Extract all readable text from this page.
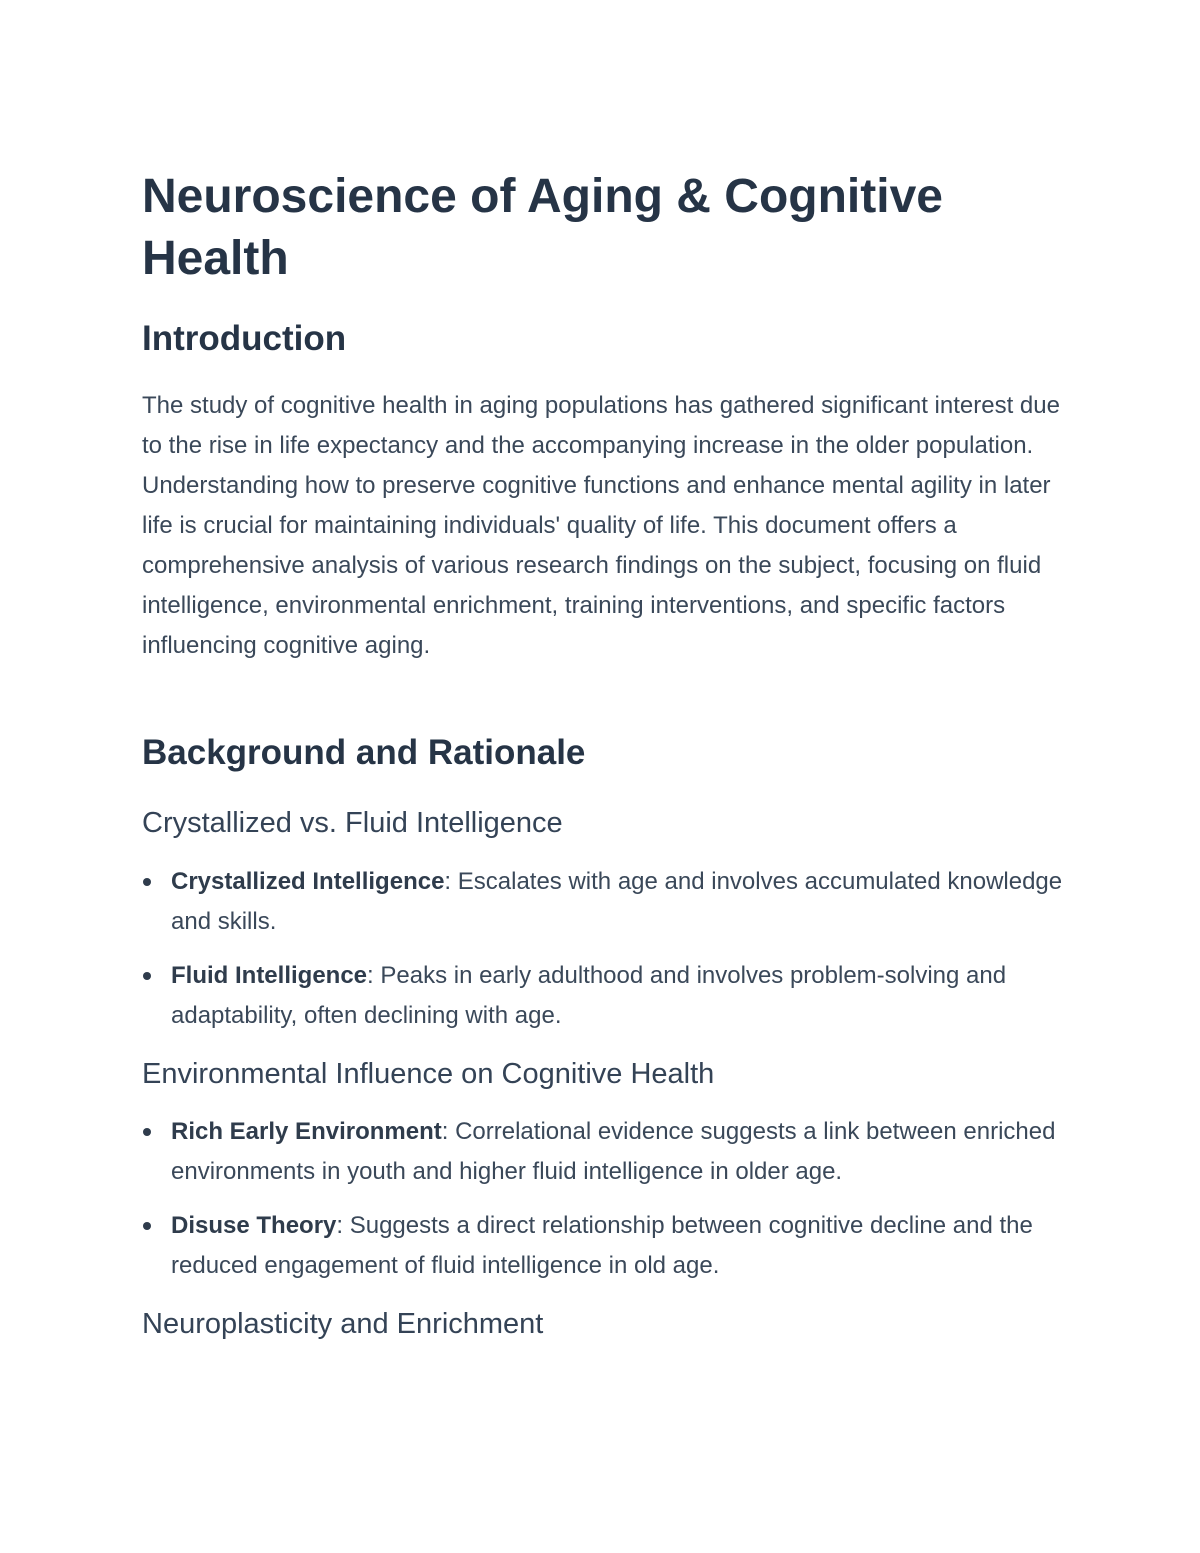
Neuroscience of Aging & Cognitive Health
Introduction

The study of cognitive health in aging populations has gathered significant interest due to the rise in life expectancy and the accompanying increase in the older population. Understanding how to preserve cognitive functions and enhance mental agility in later life is crucial for maintaining individuals' quality of life. This document offers a comprehensive analysis of various research findings on the subject, focusing on fluid intelligence, environmental enrichment, training interventions, and specific factors influencing cognitive aging.

Background and Rationale
Crystallized vs. Fluid Intelligence
Crystallized Intelligence: Escalates with age and involves accumulated knowledge and skills.
Fluid Intelligence: Peaks in early adulthood and involves problem-solving and adaptability, often declining with age.
Environmental Influence on Cognitive Health
Rich Early Environment: Correlational evidence suggests a link between enriched environments in youth and higher fluid intelligence in older age.
Disuse Theory: Suggests a direct relationship between cognitive decline and the reduced engagement of fluid intelligence in old age.
Neuroplasticity and Enrichment
